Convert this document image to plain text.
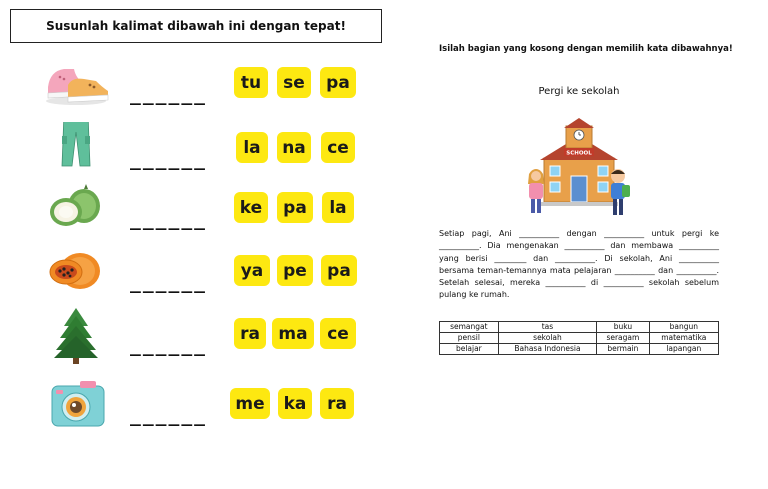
Susunlah kalimat dibawah ini dengan tepat!
______
tu	se	pa
______
la	na	ce
______
ke	pa	la
______
ya	pe	pa
______
ra	ma	ce
______
me	ka	ra
Isilah bagian yang kosong dengan memilih kata dibawahnya!
Pergi ke sekolah
SCHOOL
Setiap pagi, Ani __________ dengan __________ untuk pergi ke __________. Dia mengenakan __________ dan membawa __________ yang berisi ________ dan __________. Di sekolah, Ani __________ bersama teman-temannya mata pelajaran __________ dan __________. Setelah selesai, mereka __________ di __________ sekolah sebelum pulang ke rumah.
semangat	tas	buku	bangun
pensil	sekolah	seragam	matematika
belajar	Bahasa Indonesia	bermain	lapangan
